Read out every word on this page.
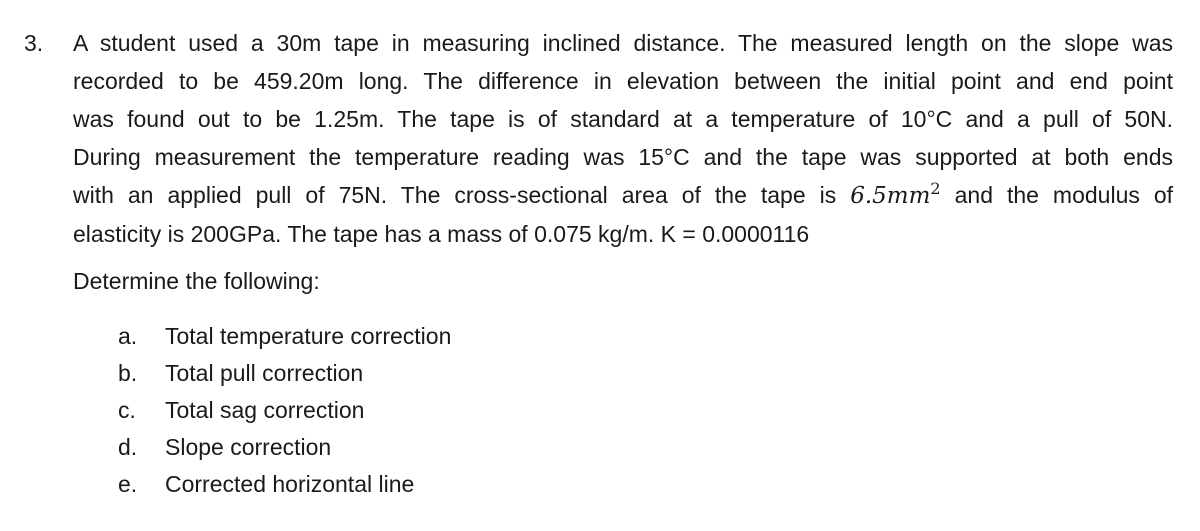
3. A student used a 30m tape in measuring inclined distance. The measured length on the slope was
recorded to be 459.20m long. The difference in elevation between the initial point and end point
was found out to be 1.25m. The tape is of standard at a temperature of 10°C and a pull of 50N.
During measurement the temperature reading was 15°C and the tape was supported at both ends
with an applied pull of 75N. The cross-sectional area of the tape is $6.5mm^2$ and the modulus of
elasticity is 200GPa. The tape has a mass of 0.075 kg/m. K = 0.0000116
Determine the following:
a. Total temperature correction
b. Total pull correction
c. Total sag correction
d. Slope correction
e. Corrected horizontal line
